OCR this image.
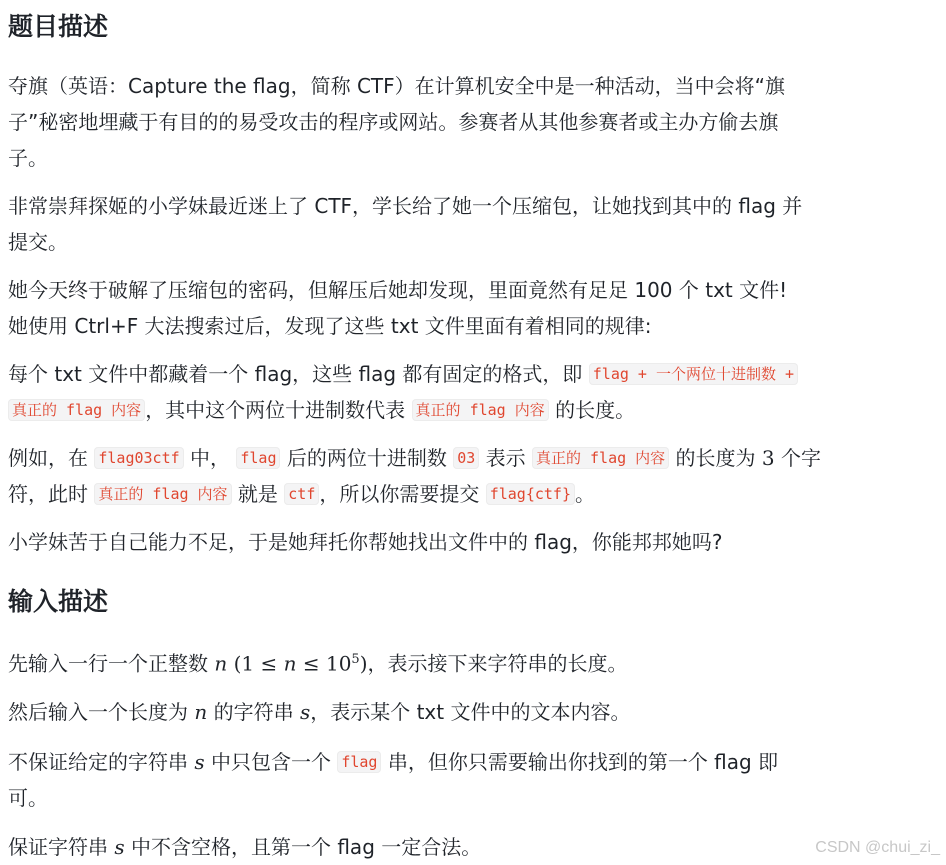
题目描述
夺旗（英语：Capture the flag，简称 CTF）在计算机安全中是一种活动，当中会将“旗
子”秘密地埋藏于有目的的易受攻击的程序或网站。参赛者从其他参赛者或主办方偷去旗
子。
非常崇拜探姬的小学妹最近迷上了 CTF，学长给了她一个压缩包，让她找到其中的 flag 并
提交。
她今天终于破解了压缩包的密码，但解压后她却发现，里面竟然有足足 100 个 txt 文件!
她使用 Ctrl+F 大法搜索过后，发现了这些 txt 文件里面有着相同的规律:
每个 txt 文件中都藏着一个 flag，这些 flag 都有固定的格式，即 flag + 一个两位十进制数 +
真正的 flag 内容 ，其中这个两位十进制数代表 真正的 flag 内容 的长度。
例如，在 flag03ctf 中， flag 后的两位十进制数 03 表示 真正的 flag 内容 的长度为 3 个字
符，此时 真正的 flag 内容 就是 ctf ，所以你需要提交 flag{ctf} 。
小学妹苦于自己能力不足，于是她拜托你帮她找出文件中的 flag，你能邦邦她吗?
输入描述
先输入一行一个正整数 n $(1 \le n \le 10^5)$，表示接下来字符串的长度。
然后输入一个长度为 n 的字符串 s，表示某个 txt 文件中的文本内容。
不保证给定的字符串 s 中只包含一个 flag 串，但你只需要输出你找到的第一个 flag 即
可。
保证字符串 s 中不含空格，且第一个 flag 一定合法。	CSDN @chui_zi_
